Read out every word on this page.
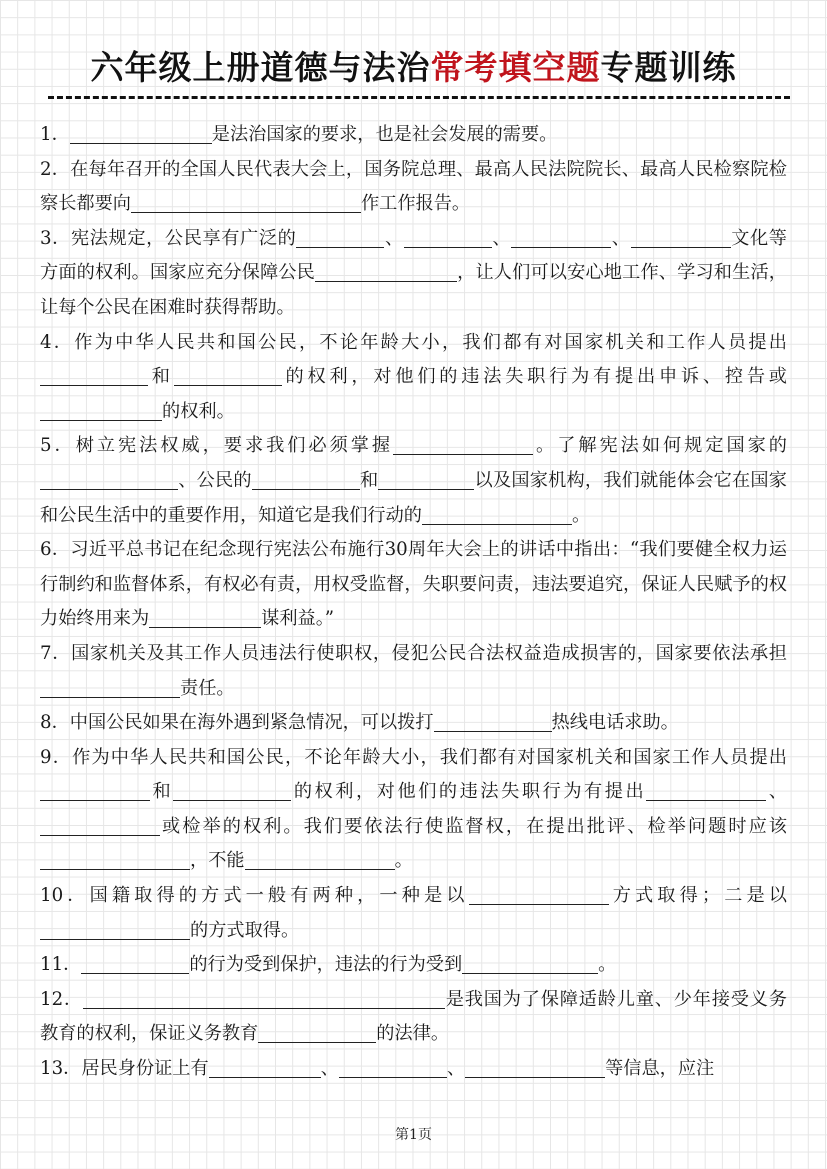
六年级上册道德与法治常考填空题专题训练

1．	是法治国家的要求，也是社会发展的需要。

2．在每年召开的全国人民代表大会上，国务院总理、最高人民法院院长、最高人民检察院检察长都要向	作工作报告。

3．宪法规定，公民享有广泛的	、	、	、	文化等方面的权利。国家应充分保障公民	，让人们可以安心地工作、学习和生活，让每个公民在困难时获得帮助。

4．作为中华人民共和国公民，不论年龄大小，我们都有对国家机关和工作人员提出和	的权利，对他们的违法失职行为有提出申诉、控告或的权利。

5．树立宪法权威，要求我们必须掌握	。了解宪法如何规定国家的、公民的	和	以及国家机构，我们就能体会它在国家和公民生活中的重要作用，知道它是我们行动的	。

6．习近平总书记在纪念现行宪法公布施行30周年大会上的讲话中指出：“我们要健全权力运行制约和监督体系，有权必有责，用权受监督，失职要问责，违法要追究，保证人民赋予的权力始终用来为	谋利益。”

7．国家机关及其工作人员违法行使职权，侵犯公民合法权益造成损害的，国家要依法承担责任。

8．中国公民如果在海外遇到紧急情况，可以拨打	热线电话求助。

9．作为中华人民共和国公民，不论年龄大小，我们都有对国家机关和国家工作人员提出和	的权利，对他们的违法失职行为有提出	、或检举的权利。我们要依法行使监督权，在提出批评、检举问题时应该，不能	。

10．国籍取得的方式一般有两种，一种是以	方式取得；二是以的方式取得。

11．	的行为受到保护，违法的行为受到	。

12．	是我国为了保障适龄儿童、少年接受义务教育的权利，保证义务教育	的法律。

13．居民身份证上有	、	、	等信息，应注

第1页
